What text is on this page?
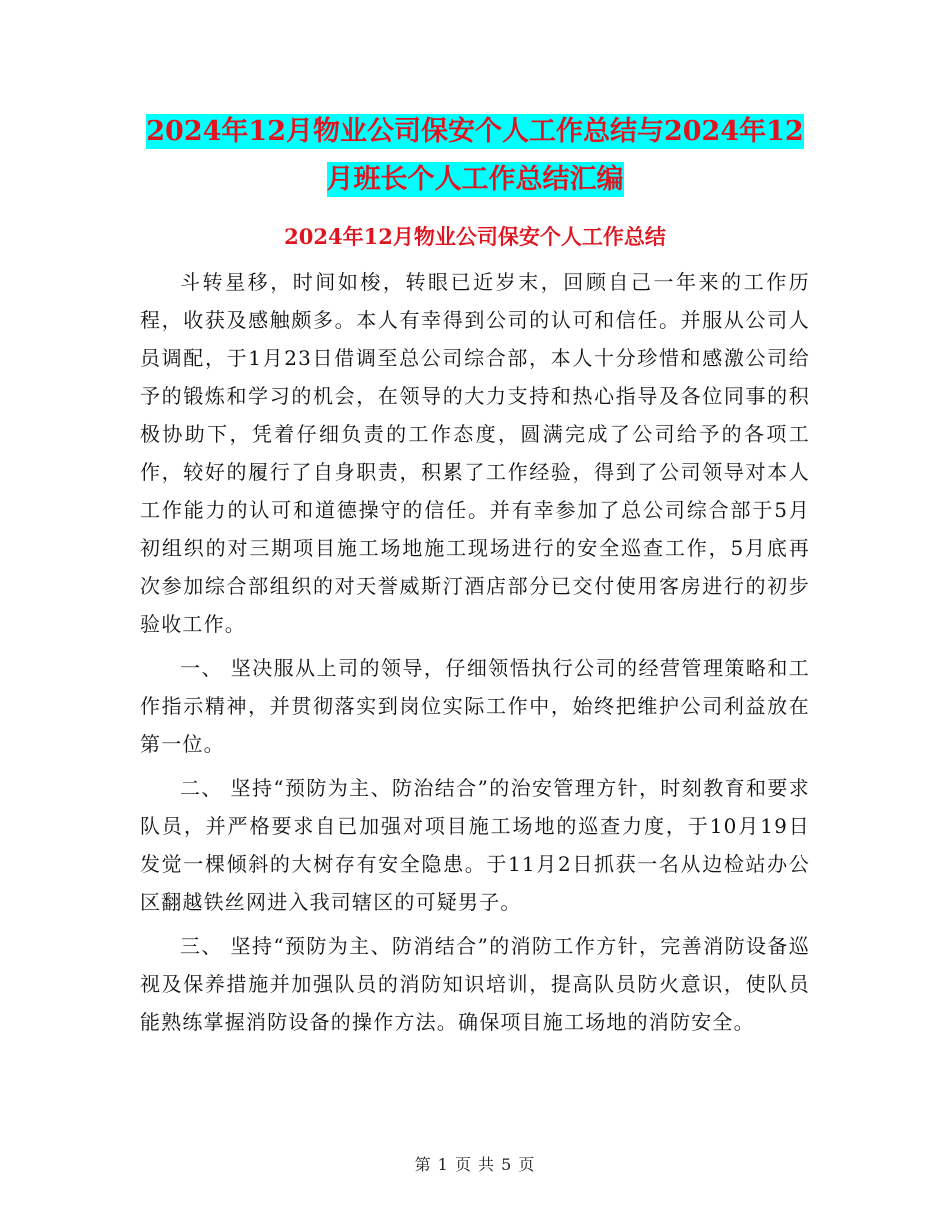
2024年12月物业公司保安个人工作总结与2024年12
月班长个人工作总结汇编
2024年12月物业公司保安个人工作总结

斗转星移，时间如梭，转眼已近岁末，回顾自己一年来的工作历程，收获及感触颇多。本人有幸得到公司的认可和信任。并服从公司人员调配，于1月23日借调至总公司综合部，本人十分珍惜和感激公司给予的锻炼和学习的机会，在领导的大力支持和热心指导及各位同事的积极协助下，凭着仔细负责的工作态度，圆满完成了公司给予的各项工作，较好的履行了自身职责，积累了工作经验，得到了公司领导对本人工作能力的认可和道德操守的信任。并有幸参加了总公司综合部于5月初组织的对三期项目施工场地施工现场进行的安全巡查工作，5月底再次参加综合部组织的对天誉威斯汀酒店部分已交付使用客房进行的初步验收工作。

一、 坚决服从上司的领导，仔细领悟执行公司的经营管理策略和工作指示精神，并贯彻落实到岗位实际工作中，始终把维护公司利益放在第一位。

二、 坚持“预防为主、防治结合”的治安管理方针，时刻教育和要求队员，并严格要求自已加强对项目施工场地的巡查力度，于10月19日发觉一棵倾斜的大树存有安全隐患。于11月2日抓获一名从边检站办公区翻越铁丝网进入我司辖区的可疑男子。

三、 坚持“预防为主、防消结合”的消防工作方针，完善消防设备巡视及保养措施并加强队员的消防知识培训，提高队员防火意识，使队员能熟练掌握消防设备的操作方法。确保项目施工场地的消防安全。

第 1 页 共 5 页
